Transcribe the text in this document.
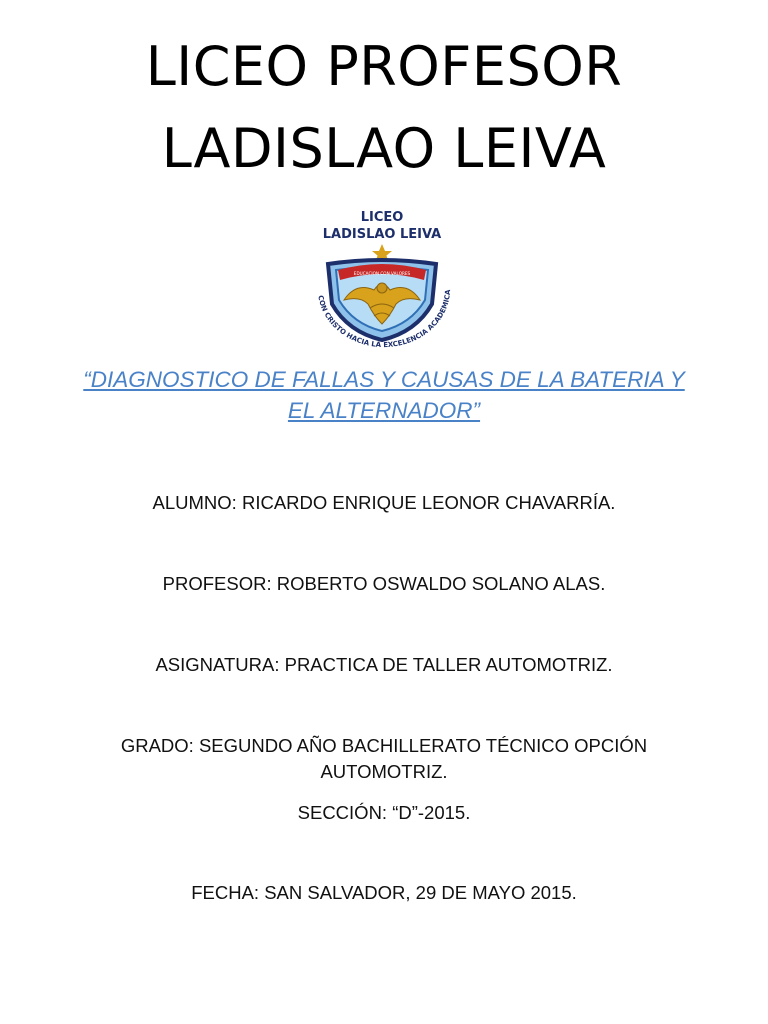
LICEO PROFESOR
LADISLAO LEIVA
LICEO
LADISLAO LEIVA
EDUCACION CON VALORES
CON CRISTO HACIA LA EXCELENCIA ACADEMICA
“DIAGNOSTICO DE FALLAS Y CAUSAS DE LA BATERIA Y
EL ALTERNADOR”
ALUMNO: RICARDO ENRIQUE LEONOR CHAVARRÍA.
PROFESOR: ROBERTO OSWALDO SOLANO ALAS.
ASIGNATURA: PRACTICA DE TALLER AUTOMOTRIZ.
GRADO: SEGUNDO AÑO BACHILLERATO TÉCNICO OPCIÓN
AUTOMOTRIZ.
SECCIÓN: “D”-2015.
FECHA: SAN SALVADOR, 29 DE MAYO 2015.
